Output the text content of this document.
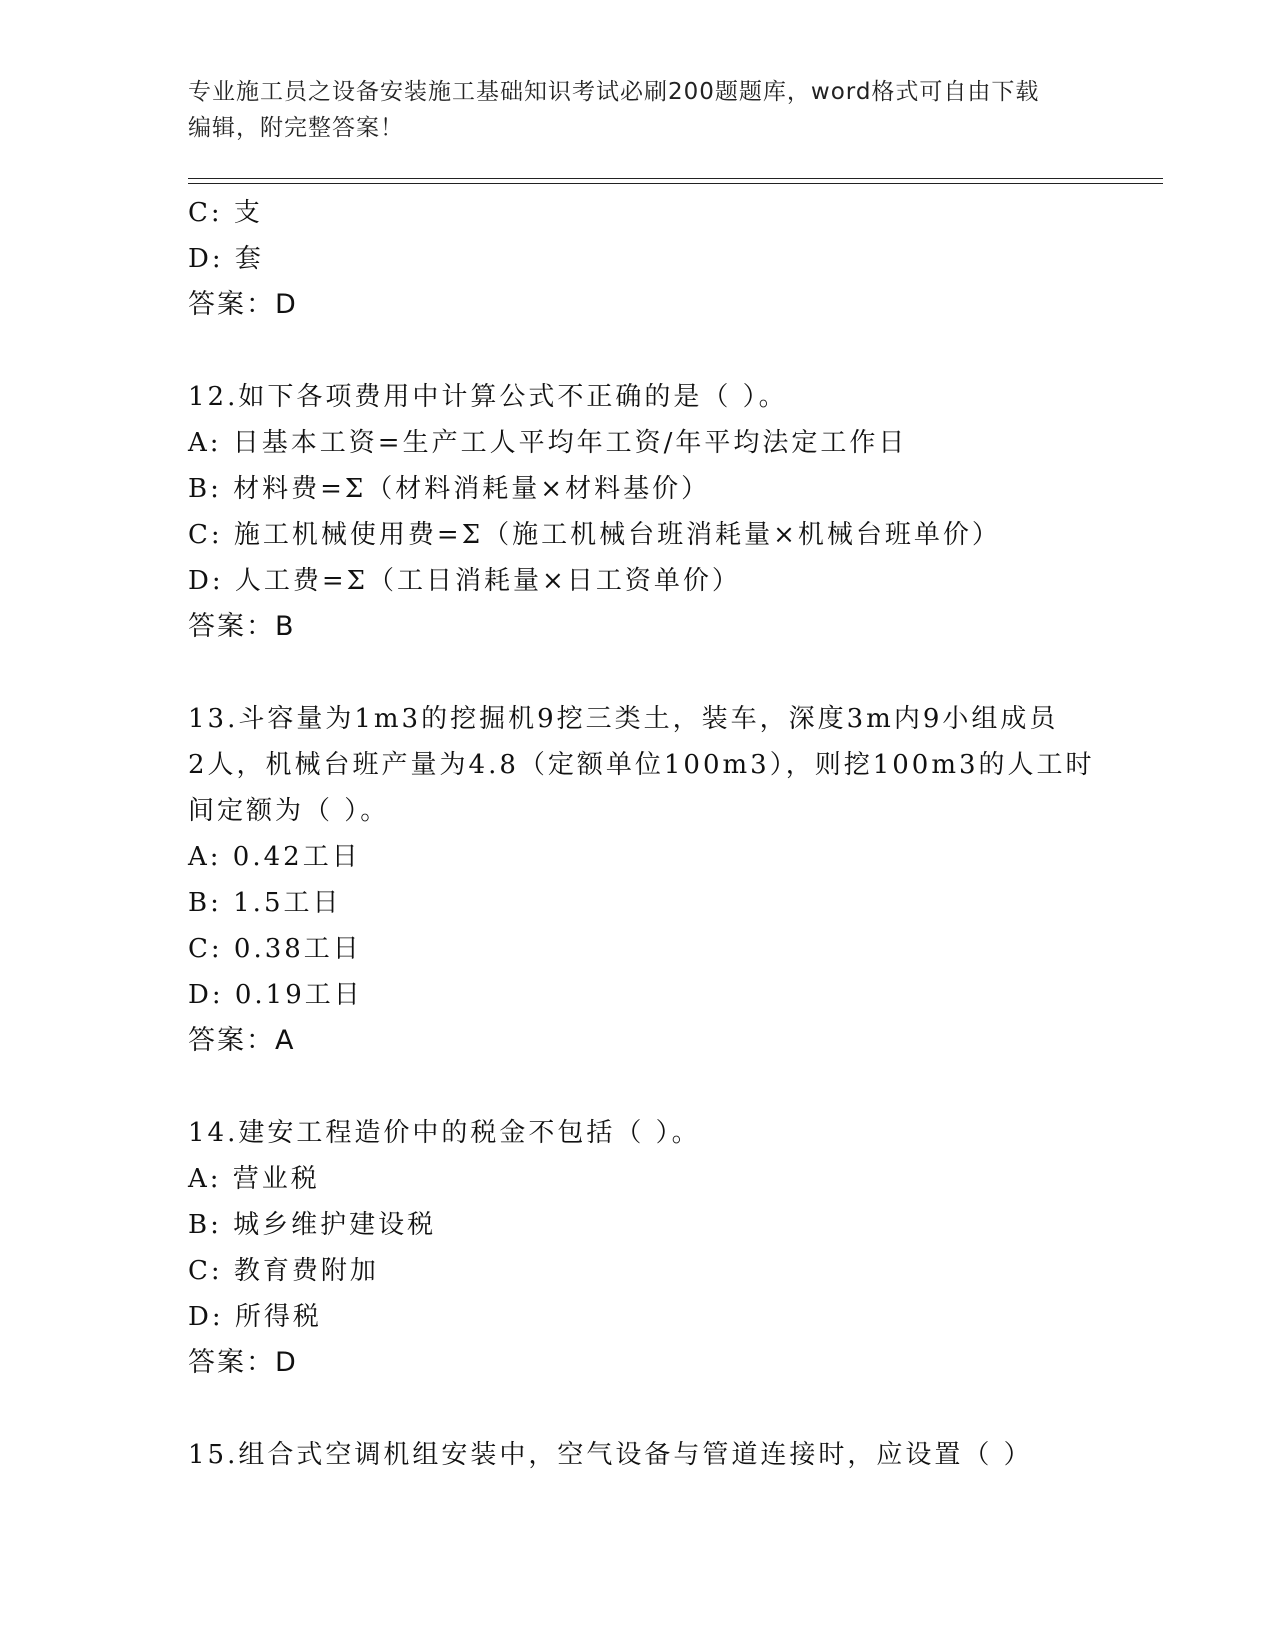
专业施工员之设备安装施工基础知识考试必刷200题题库，word格式可自由下载
编辑，附完整答案！
C: 支
D: 套
答案：D
12.如下各项费用中计算公式不正确的是（ ）。
A: 日基本工资=生产工人平均年工资/年平均法定工作日
B: 材料费=Σ（材料消耗量×材料基价）
C: 施工机械使用费=Σ（施工机械台班消耗量×机械台班单价）
D: 人工费=Σ（工日消耗量×日工资单价）
答案：B
13.斗容量为1m3的挖掘机9挖三类土，装车，深度3m内9小组成员
2人，机械台班产量为4.8（定额单位100m3），则挖100m3的人工时
间定额为（ ）。
A: 0.42工日
B: 1.5工日
C: 0.38工日
D: 0.19工日
答案：A
14.建安工程造价中的税金不包括（ ）。
A: 营业税
B: 城乡维护建设税
C: 教育费附加
D: 所得税
答案：D
15.组合式空调机组安装中，空气设备与管道连接时，应设置（ ）
